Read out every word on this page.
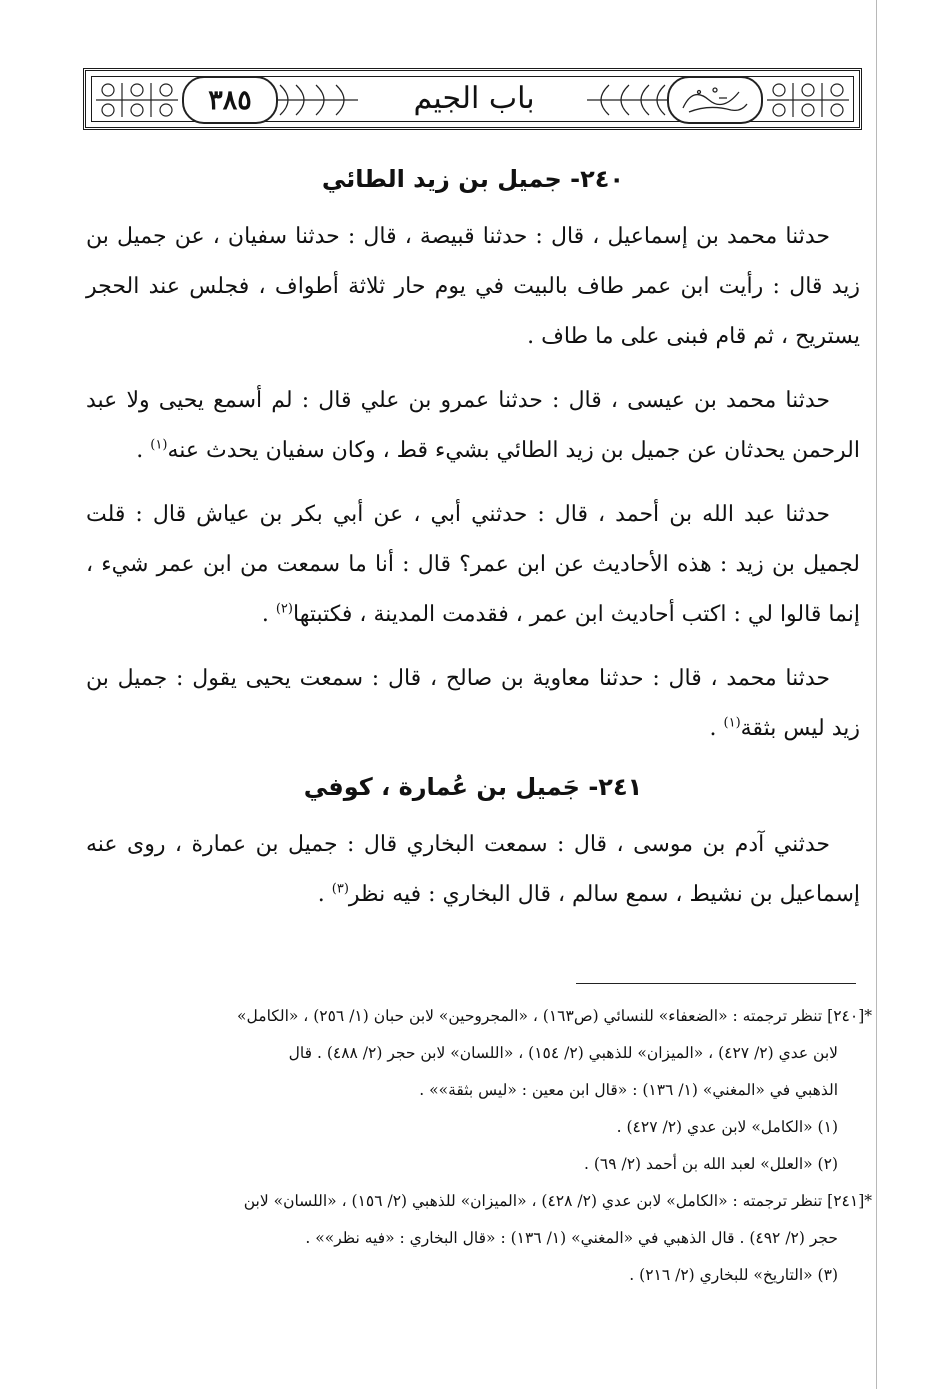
٣٨٥	باب الجيم
٢٤٠- جميل بن زيد الطائي

حدثنا محمد بن إسماعيل ، قال : حدثنا قبيصة ، قال : حدثنا سفيان ، عن جميل بن زيد قال : رأيت ابن عمر طاف بالبيت في يوم حار ثلاثة أطواف ، فجلس عند الحجر يستريح ، ثم قام فبنى على ما طاف .

حدثنا محمد بن عيسى ، قال : حدثنا عمرو بن علي قال : لم أسمع يحيى ولا عبد الرحمن يحدثان عن جميل بن زيد الطائي بشيء قط ، وكان سفيان يحدث عنه$^{(١)}$ .

حدثنا عبد الله بن أحمد ، قال : حدثني أبي ، عن أبي بكر بن عياش قال : قلت لجميل بن زيد : هذه الأحاديث عن ابن عمر؟ قال : أنا ما سمعت من ابن عمر شيء ، إنما قالوا لي : اكتب أحاديث ابن عمر ، فقدمت المدينة ، فكتبتها$^{(٢)}$ .

حدثنا محمد ، قال : حدثنا معاوية بن صالح ، قال : سمعت يحيى يقول : جميل بن زيد ليس بثقة$^{(١)}$ .

٢٤١- جَميل بن عُمارة ، كوفي

حدثني آدم بن موسى ، قال : سمعت البخاري قال : جميل بن عمارة ، روى عنه إسماعيل بن نشيط ، سمع سالم ، قال البخاري : فيه نظر$^{(٣)}$ .

*[٢٤٠] تنظر ترجمته : «الضعفاء» للنسائي (ص١٦٣) ، «المجروحين» لابن حبان (١/ ٢٥٦) ، «الكامل»
لابن عدي (٢/ ٤٢٧) ، «الميزان» للذهبي (٢/ ١٥٤) ، «اللسان» لابن حجر (٢/ ٤٨٨) . قال
الذهبي في «المغني» (١/ ١٣٦) : «قال ابن معين : «ليس بثقة»» .
(١) «الكامل» لابن عدي (٢/ ٤٢٧) .
(٢) «العلل» لعبد الله بن أحمد (٢/ ٦٩) .
*[٢٤١] تنظر ترجمته : «الكامل» لابن عدي (٢/ ٤٢٨) ، «الميزان» للذهبي (٢/ ١٥٦) ، «اللسان» لابن
حجر (٢/ ٤٩٢) . قال الذهبي في «المغني» (١/ ١٣٦) : «قال البخاري : «فيه نظر»» .
(٣) «التاريخ» للبخاري (٢/ ٢١٦) .
